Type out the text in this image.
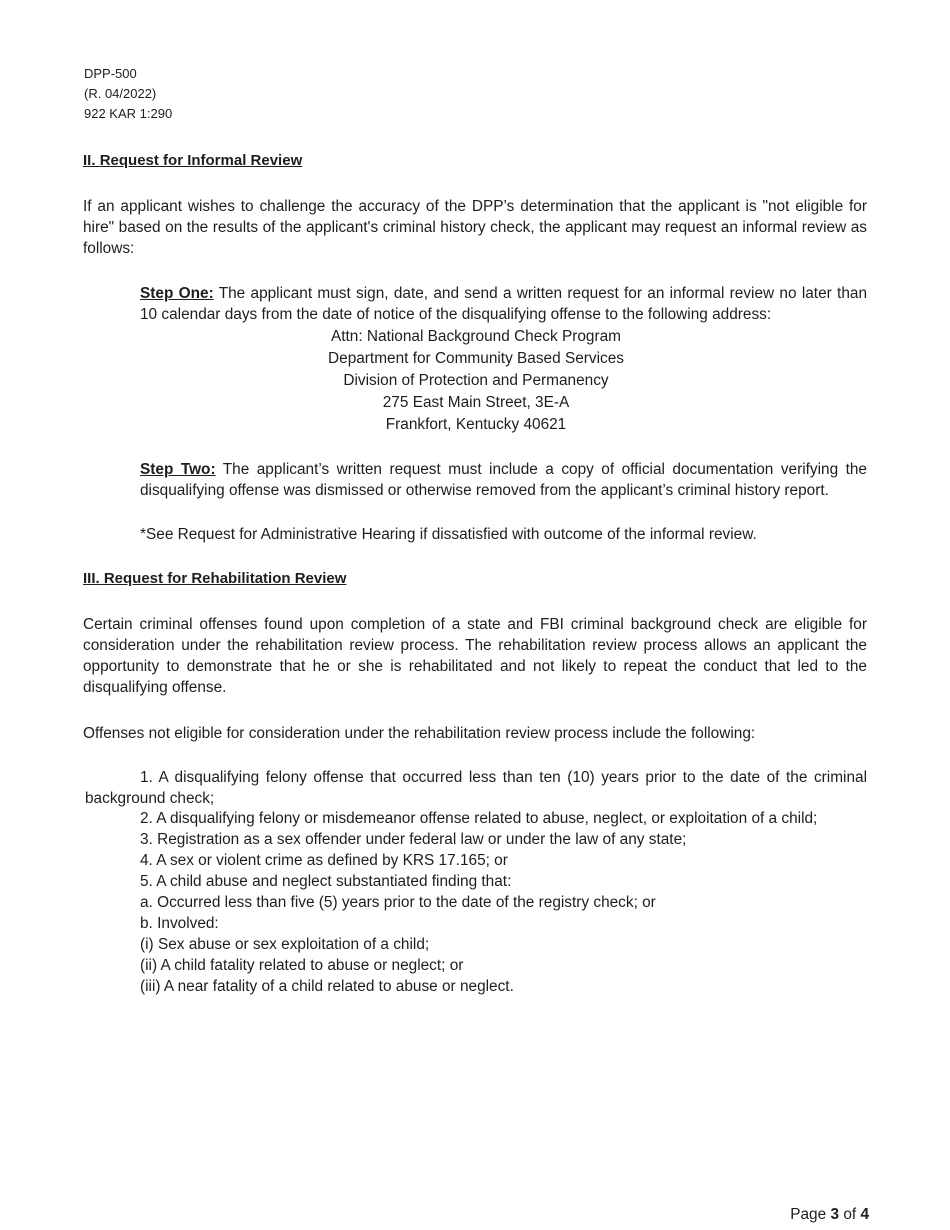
DPP-500
(R. 04/2022)
922 KAR 1:290
II. Request for Informal Review
If an applicant wishes to challenge the accuracy of the DPP’s determination that the applicant is "not eligible for hire" based on the results of the applicant's criminal history check, the applicant may request an informal review as follows:
Step One: The applicant must sign, date, and send a written request for an informal review no later than 10 calendar days from the date of notice of the disqualifying offense to the following address:
Attn: National Background Check Program
Department for Community Based Services
Division of Protection and Permanency
275 East Main Street, 3E-A
Frankfort, Kentucky 40621
Step Two: The applicant’s written request must include a copy of official documentation verifying the disqualifying offense was dismissed or otherwise removed from the applicant’s criminal history report.
*See Request for Administrative Hearing if dissatisfied with outcome of the informal review.
III. Request for Rehabilitation Review
Certain criminal offenses found upon completion of a state and FBI criminal background check are eligible for consideration under the rehabilitation review process. The rehabilitation review process allows an applicant the opportunity to demonstrate that he or she is rehabilitated and not likely to repeat the conduct that led to the disqualifying offense.
Offenses not eligible for consideration under the rehabilitation review process include the following:
1. A disqualifying felony offense that occurred less than ten (10) years prior to the date of the criminal background check;
2. A disqualifying felony or misdemeanor offense related to abuse, neglect, or exploitation of a child;
3. Registration as a sex offender under federal law or under the law of any state;
4. A sex or violent crime as defined by KRS 17.165; or
5. A child abuse and neglect substantiated finding that:
a. Occurred less than five (5) years prior to the date of the registry check; or
b. Involved:
(i) Sex abuse or sex exploitation of a child;
(ii) A child fatality related to abuse or neglect; or
(iii) A near fatality of a child related to abuse or neglect.
Page 3 of 4
